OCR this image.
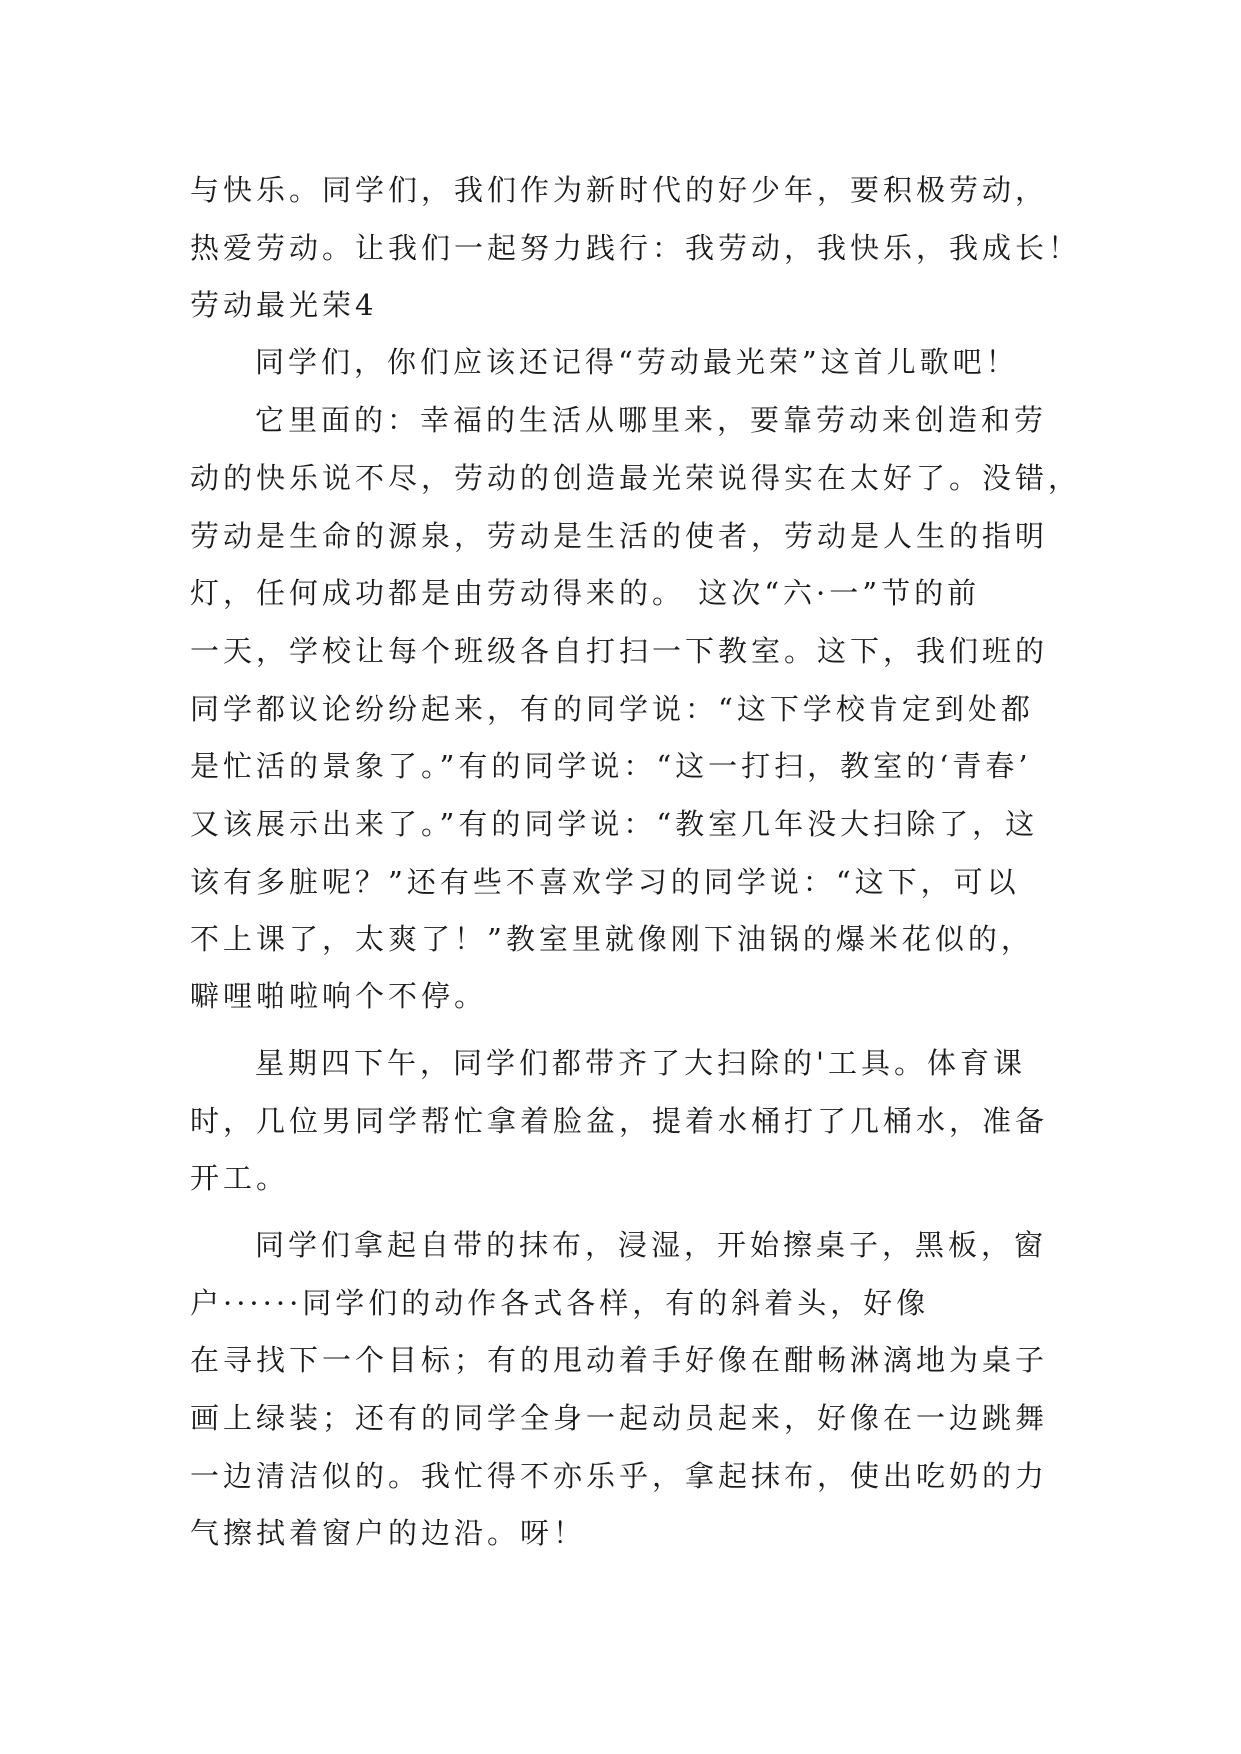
与快乐。同学们，我们作为新时代的好少年，要积极劳动，
热爱劳动。让我们一起努力践行：我劳动，我快乐，我成长！
劳动最光荣4
同学们，你们应该还记得“劳动最光荣”这首儿歌吧！
它里面的：幸福的生活从哪里来，要靠劳动来创造和劳
动的快乐说不尽，劳动的创造最光荣说得实在太好了。没错，
劳动是生命的源泉，劳动是生活的使者，劳动是人生的指明
灯，任何成功都是由劳动得来的。 这次“六·一”节的前
一天，学校让每个班级各自打扫一下教室。这下，我们班的
同学都议论纷纷起来，有的同学说：“这下学校肯定到处都
是忙活的景象了。”有的同学说：“这一打扫，教室的‘青春’
又该展示出来了。”有的同学说：“教室几年没大扫除了，这
该有多脏呢？”还有些不喜欢学习的同学说：“这下，可以
不上课了，太爽了！”教室里就像刚下油锅的爆米花似的，
噼哩啪啦响个不停。
星期四下午，同学们都带齐了大扫除的'工具。体育课
时，几位男同学帮忙拿着脸盆，提着水桶打了几桶水，准备
开工。
同学们拿起自带的抹布，浸湿，开始擦桌子，黑板，窗
户······同学们的动作各式各样，有的斜着头，好像
在寻找下一个目标；有的甩动着手好像在酣畅淋漓地为桌子
画上绿装；还有的同学全身一起动员起来，好像在一边跳舞
一边清洁似的。我忙得不亦乐乎，拿起抹布，使出吃奶的力
气擦拭着窗户的边沿。呀！
